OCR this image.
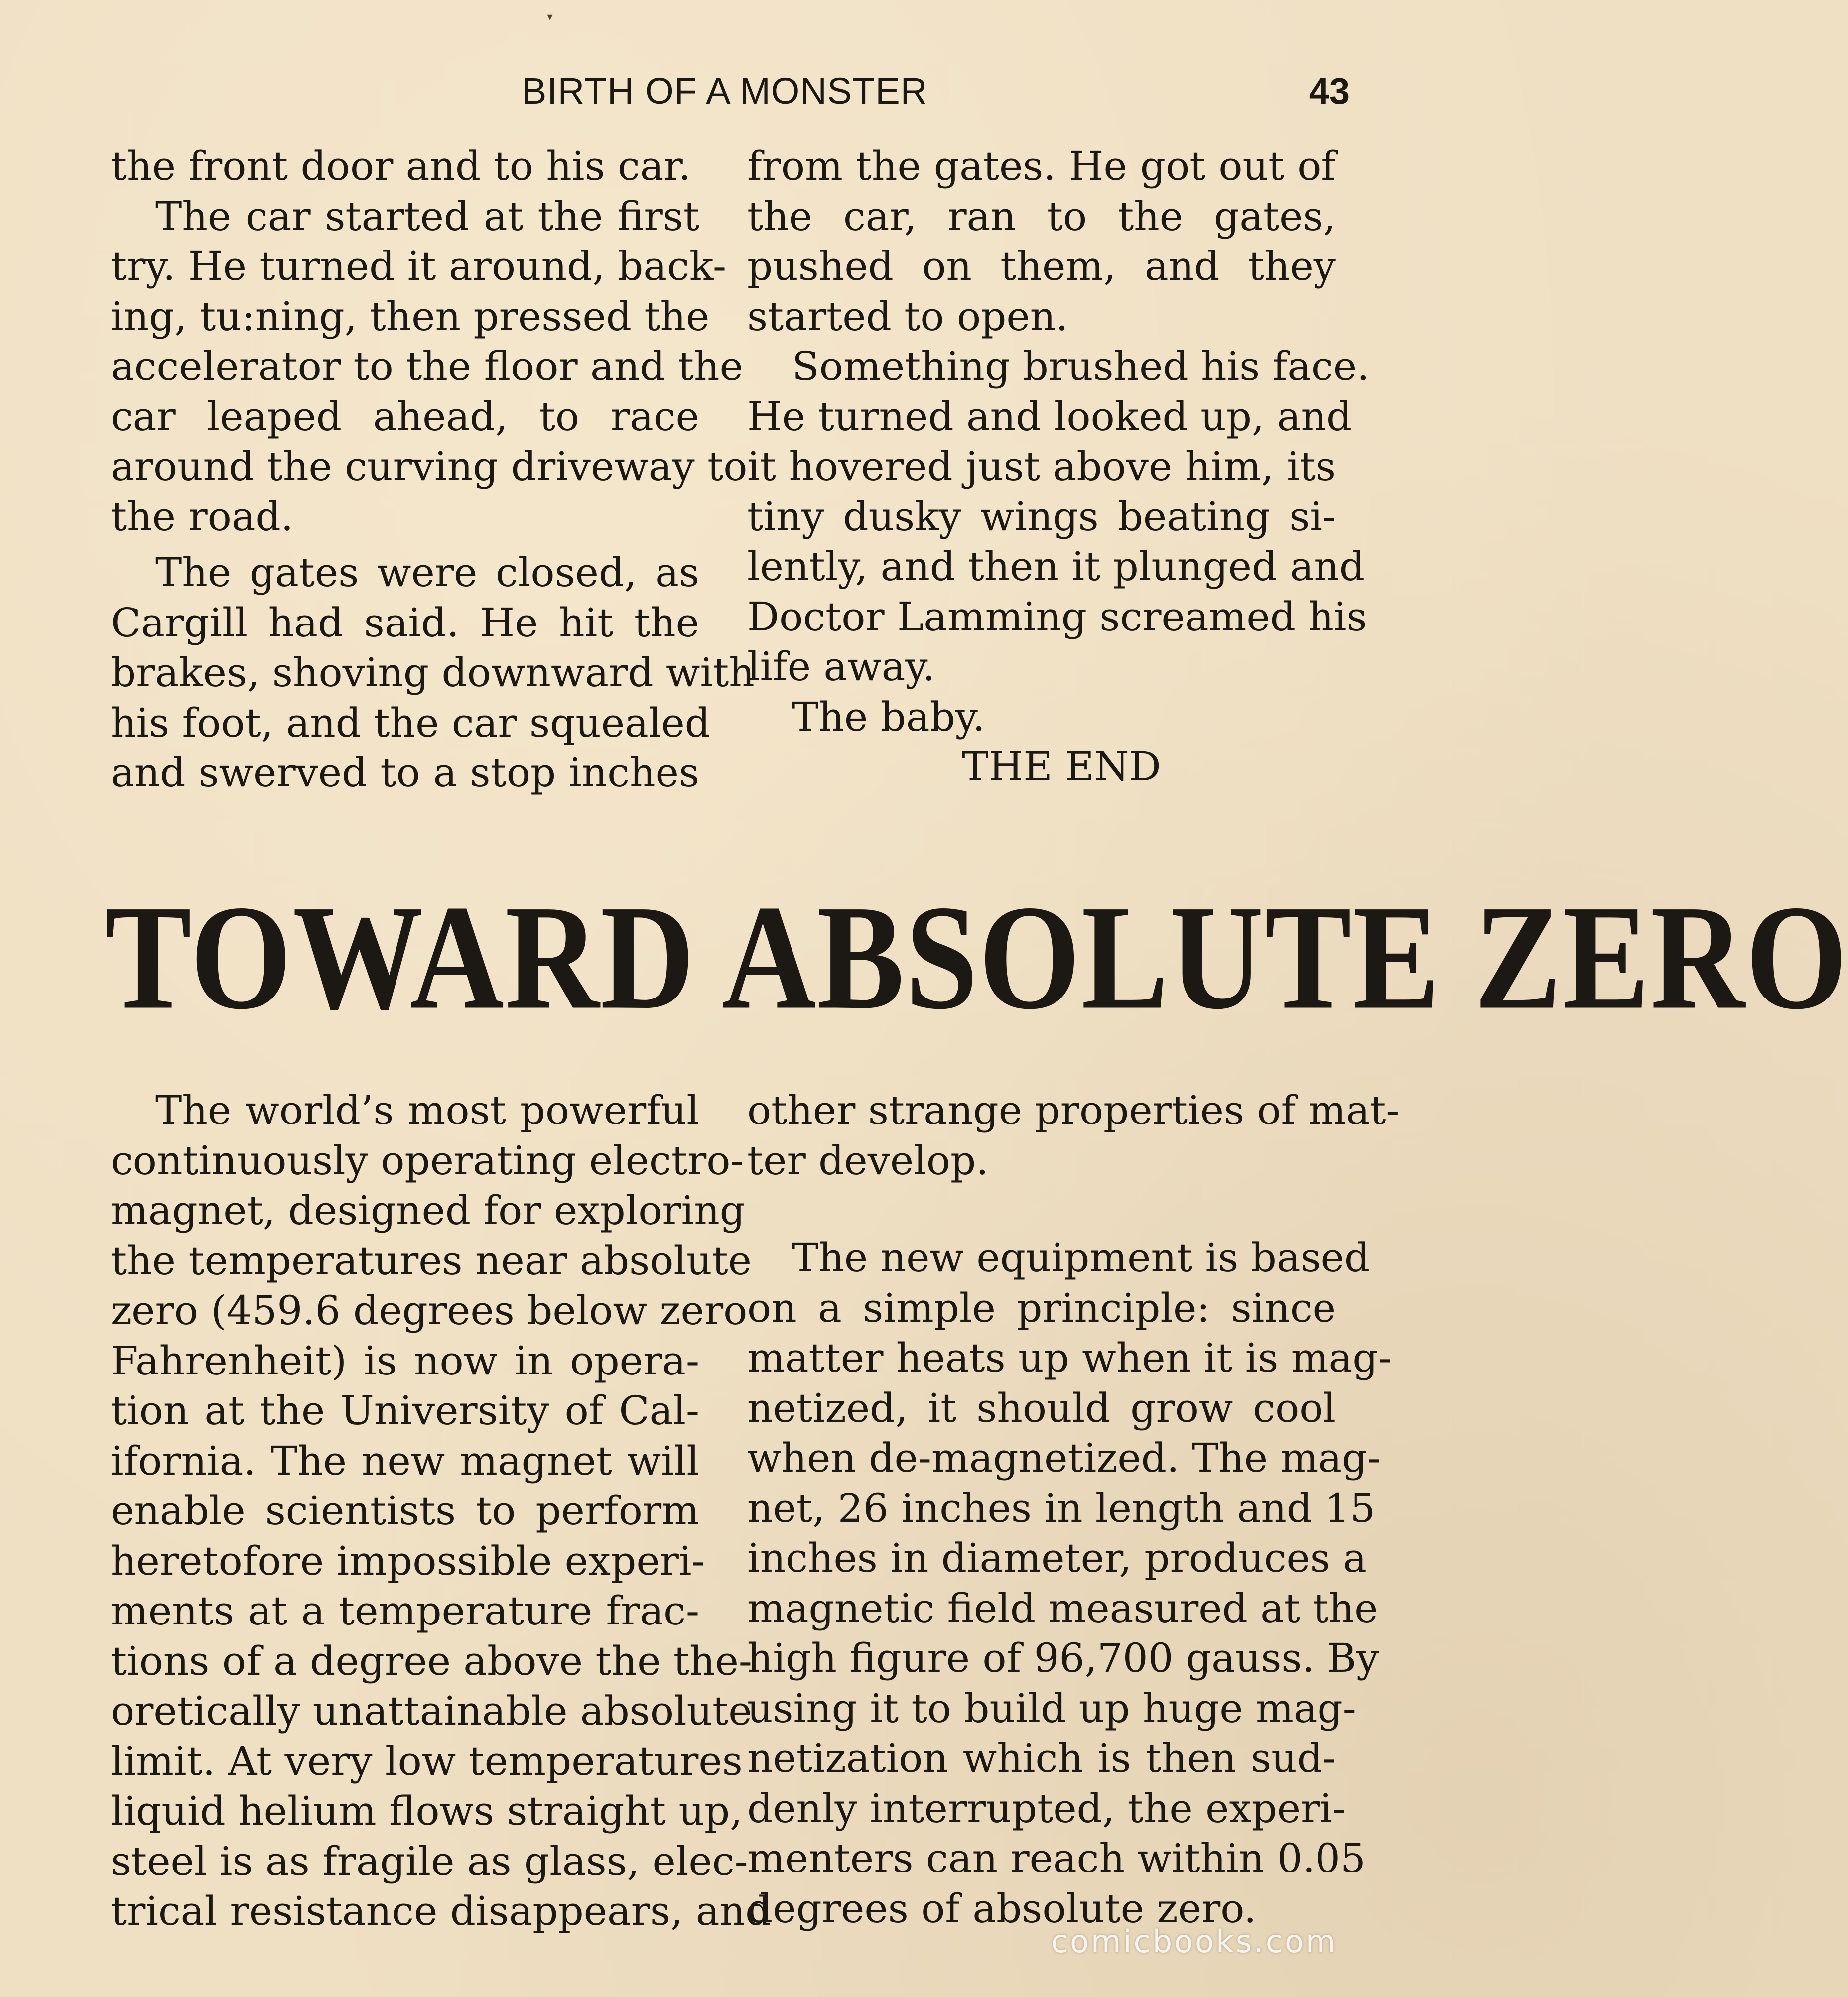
▾
BIRTH OF A MONSTER	43
the front door and to his car.
The car started at the first
try. He turned it around, back-
ing, tu:ning, then pressed the
accelerator to the floor and the
car leaped ahead, to race
around the curving driveway to
the road.
The gates were closed, as
Cargill had said. He hit the
brakes, shoving downward with
his foot, and the car squealed
and swerved to a stop inches
from the gates. He got out of
the car, ran to the gates,
pushed on them, and they
started to open.
Something brushed his face.
He turned and looked up, and
it hovered just above him, its
tiny dusky wings beating si-
lently, and then it plunged and
Doctor Lamming screamed his
life away.
The baby.
THE END
TOWARD ABSOLUTE ZERO
The world’s most powerful
continuously operating electro-
magnet, designed for exploring
the temperatures near absolute
zero (459.6 degrees below zero
Fahrenheit) is now in opera-
tion at the University of Cal-
ifornia. The new magnet will
enable scientists to perform
heretofore impossible experi-
ments at a temperature frac-
tions of a degree above the the-
oretically unattainable absolute
limit. At very low temperatures
liquid helium flows straight up,
steel is as fragile as glass, elec-
trical resistance disappears, and
other strange properties of mat-
ter develop.
The new equipment is based
on a simple principle: since
matter heats up when it is mag-
netized, it should grow cool
when de-magnetized. The mag-
net, 26 inches in length and 15
inches in diameter, produces a
magnetic field measured at the
high figure of 96,700 gauss. By
using it to build up huge mag-
netization which is then sud-
denly interrupted, the experi-
menters can reach within 0.05
degrees of absolute zero.
comicbooks.com
